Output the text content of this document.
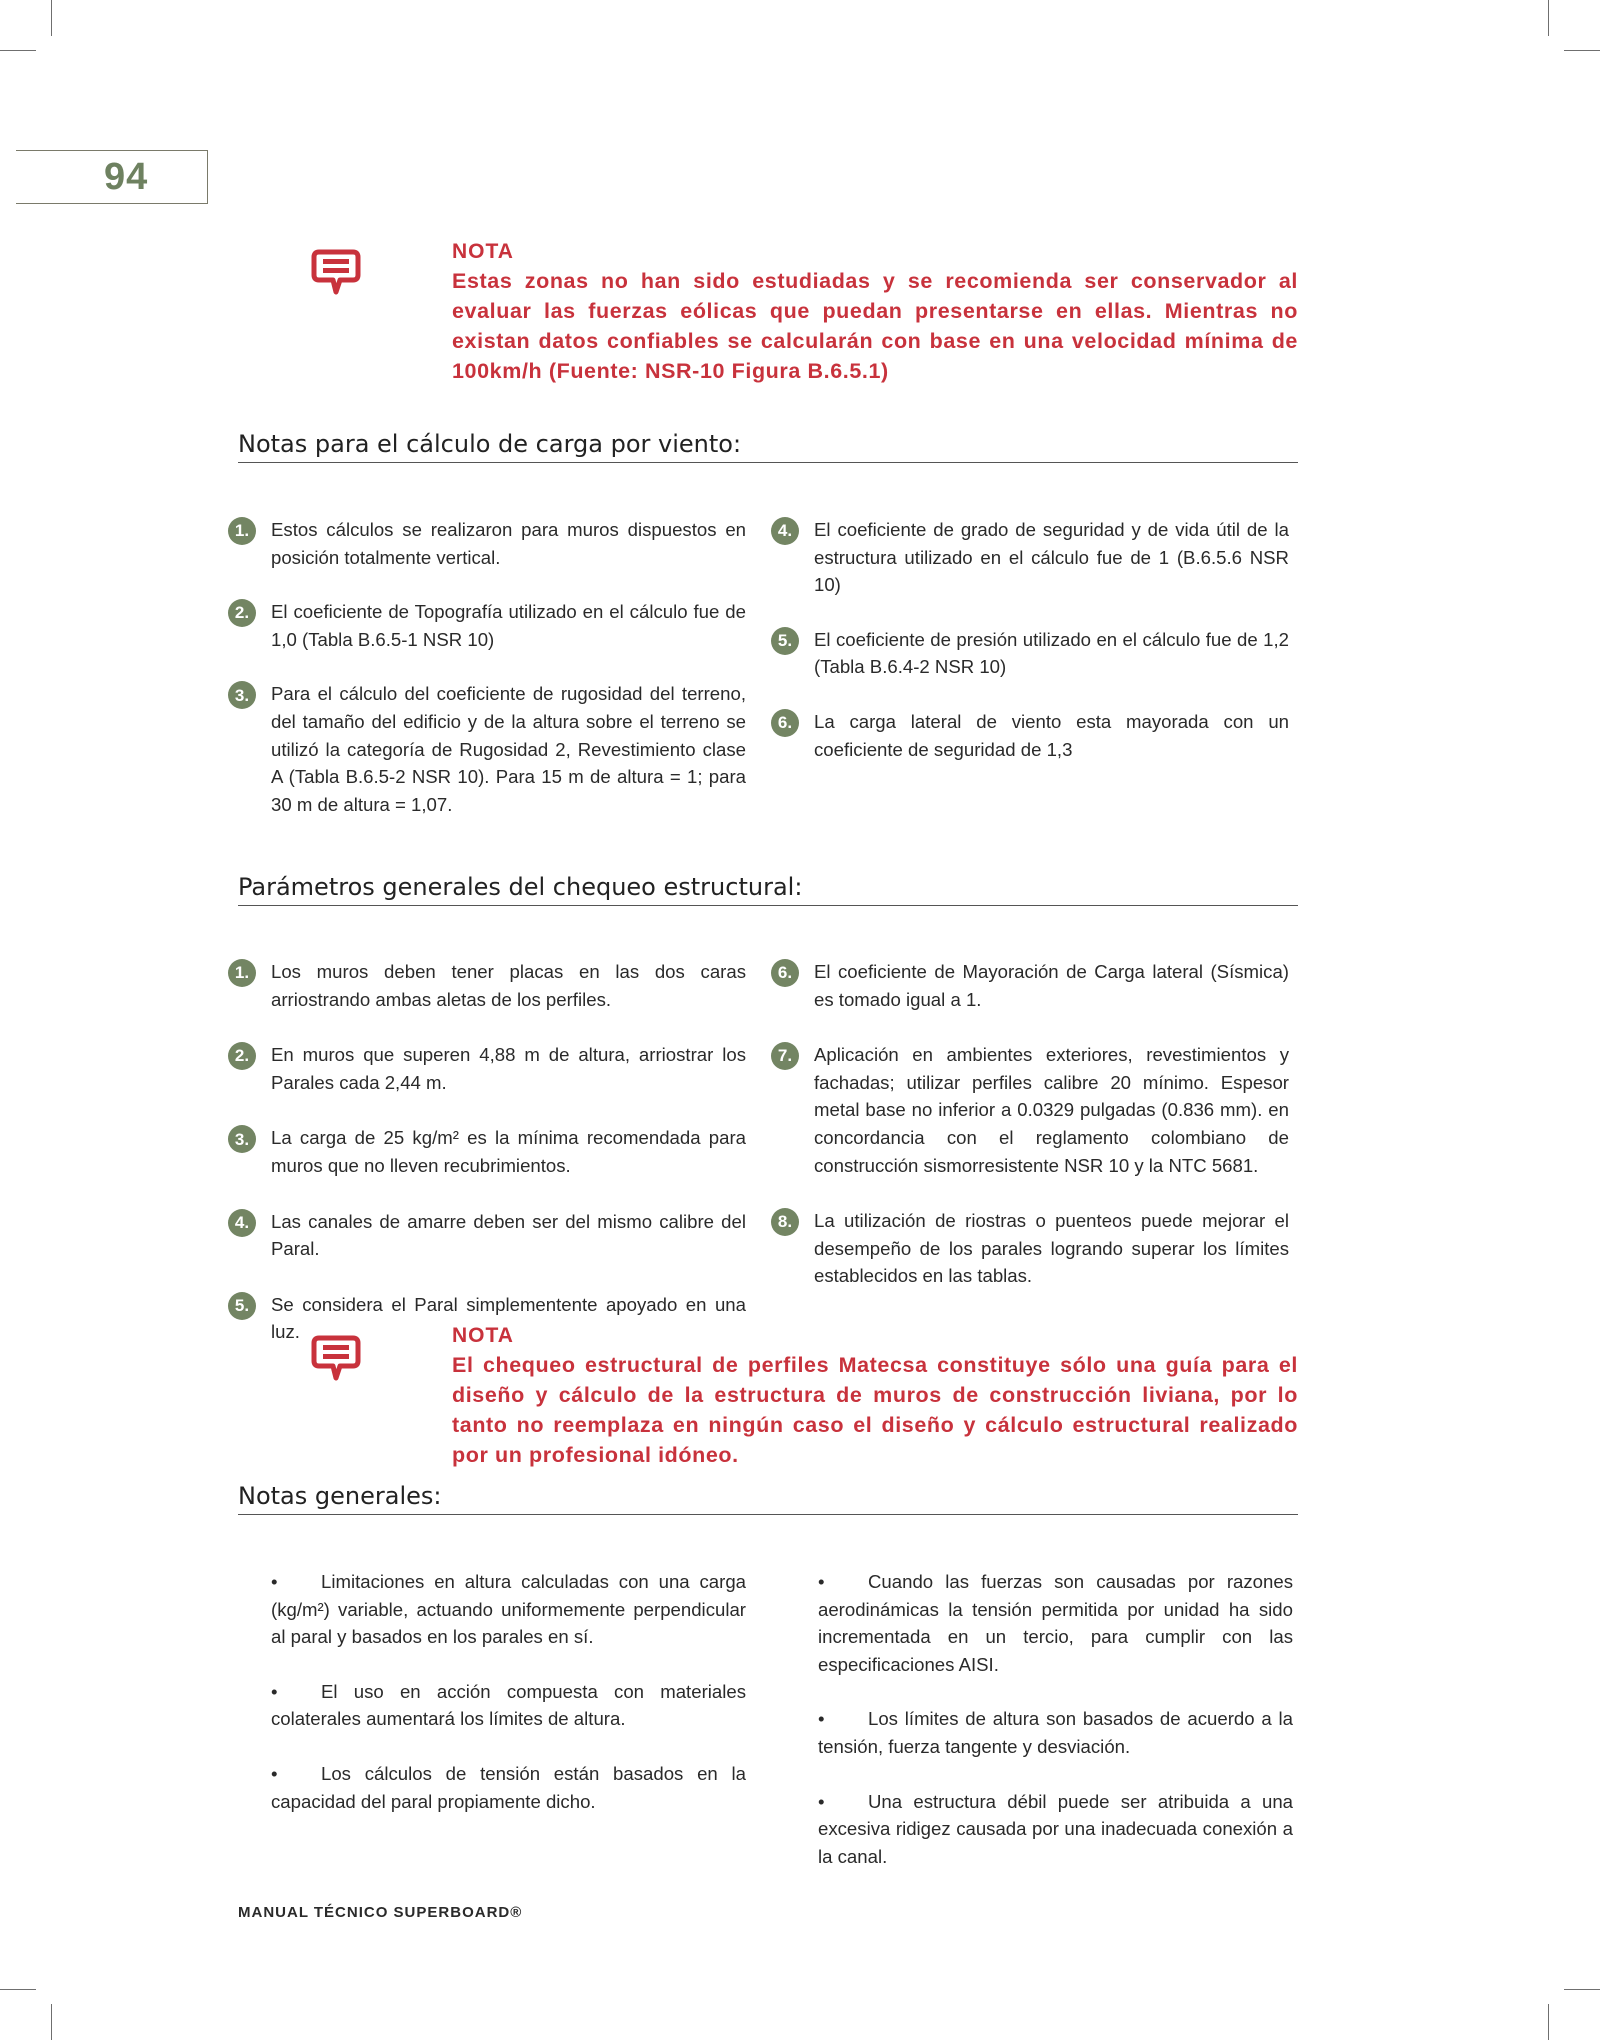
94
NOTA
Estas zonas no han sido estudiadas y se recomienda ser conservador al evaluar las fuerzas eólicas que puedan presentarse en ellas. Mientras no existan datos confiables se calcularán con base en una velocidad mínima de 100km/h (Fuente: NSR-10 Figura B.6.5.1)
Notas para el cálculo de carga por viento:
1.	Estos cálculos se realizaron para muros dispuestos en posición totalmente vertical.
2.	El coeficiente de Topografía utilizado en el cálculo fue de 1,0 (Tabla B.6.5-1 NSR 10)
3.	Para el cálculo del coeficiente de rugosidad del terreno, del tamaño del edificio y de la altura sobre el terreno se utilizó la categoría de Rugosidad 2, Revestimiento clase A (Tabla B.6.5-2 NSR 10). Para 15 m de altura = 1; para 30 m de altura = 1,07.
4.	El coeficiente de grado de seguridad y de vida útil de la estructura utilizado en el cálculo fue de 1 (B.6.5.6 NSR 10)
5.	El coeficiente de presión utilizado en el cálculo fue de 1,2 (Tabla B.6.4-2 NSR 10)
6.	La carga lateral de viento esta mayorada con un coeficiente de seguridad de 1,3
Parámetros generales del chequeo estructural:
1.	Los muros deben tener placas en las dos caras arriostrando ambas aletas de los perfiles.
2.	En muros que superen 4,88 m de altura, arriostrar los Parales cada 2,44 m.
3.	La carga de 25 kg/m² es la mínima recomendada para muros que no lleven recubrimientos.
4.	Las canales de amarre deben ser del mismo calibre del Paral.
5.	Se considera el Paral simplementente apoyado en una luz.
6.	El coeficiente de Mayoración de Carga lateral (Sísmica) es tomado igual a 1.
7.	Aplicación en ambientes exteriores, revestimientos y fachadas; utilizar perfiles calibre 20 mínimo. Espesor metal base no inferior a 0.0329 pulgadas (0.836 mm). en concordancia con el reglamento colombiano de construcción sismorresistente NSR 10 y la NTC 5681.
8.	La utilización de riostras o puenteos puede mejorar el desempeño de los parales logrando superar los límites establecidos en las tablas.
NOTA
El chequeo estructural de perfiles Matecsa constituye sólo una guía para el diseño y cálculo de la estructura de muros de construcción liviana, por lo tanto no reemplaza en ningún caso el diseño y cálculo estructural realizado por un profesional idóneo.
Notas generales:
• Limitaciones en altura calculadas con una carga (kg/m²) variable, actuando uniformemente perpendicular al paral y basados en los parales en sí.
• El uso en acción compuesta con materiales colaterales aumentará los límites de altura.
• Los cálculos de tensión están basados en la capacidad del paral propiamente dicho.
• Cuando las fuerzas son causadas por razones aerodinámicas la tensión permitida por unidad ha sido incrementada en un tercio, para cumplir con las especificaciones AISI.
• Los límites de altura son basados de acuerdo a la tensión, fuerza tangente y desviación.
• Una estructura débil puede ser atribuida a una excesiva ridigez causada por una inadecuada conexión a la canal.
MANUAL TÉCNICO SUPERBOARD®
